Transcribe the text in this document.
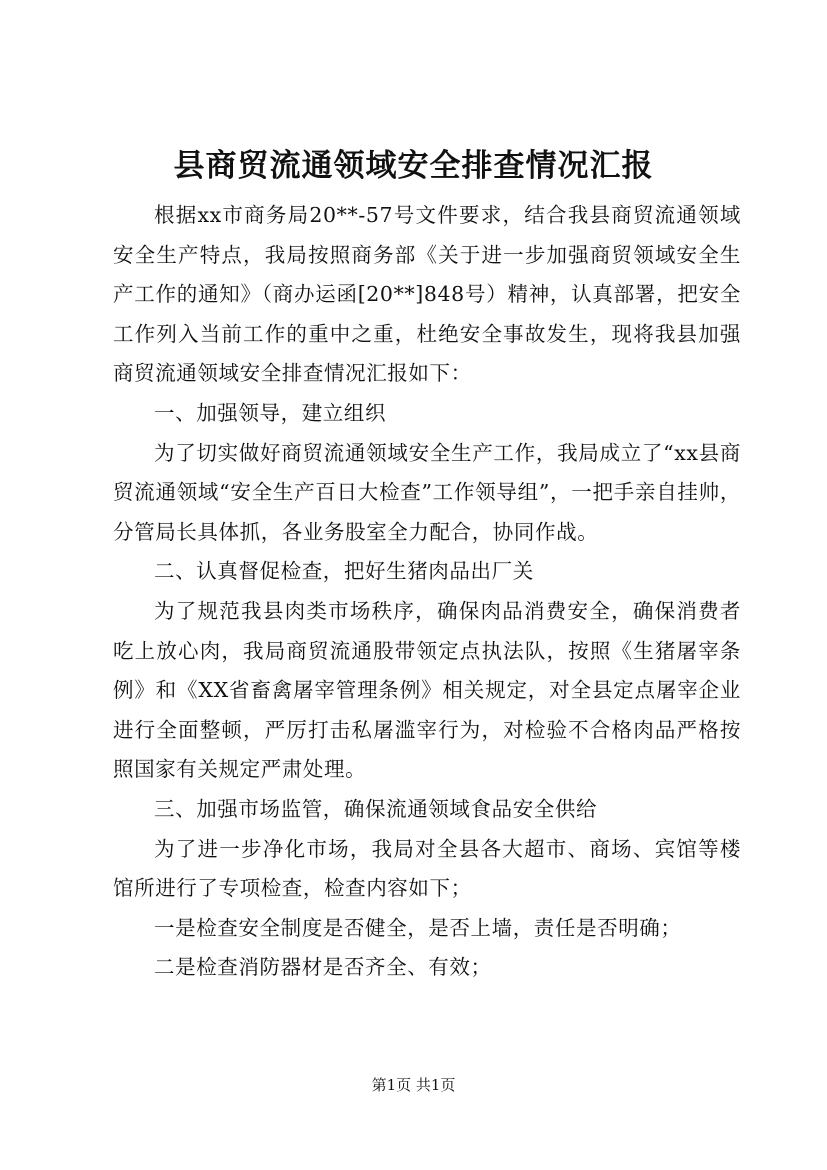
县商贸流通领域安全排查情况汇报

根据xx市商务局20**-57号文件要求，结合我县商贸流通领域安全生产特点，我局按照商务部《关于进一步加强商贸领域安全生产工作的通知》（商办运函[20**]848号）精神，认真部署，把安全工作列入当前工作的重中之重，杜绝安全事故发生，现将我县加强商贸流通领域安全排查情况汇报如下：

一、加强领导，建立组织

为了切实做好商贸流通领域安全生产工作，我局成立了“xx县商贸流通领域“安全生产百日大检查”工作领导组”，一把手亲自挂帅，分管局长具体抓，各业务股室全力配合，协同作战。

二、认真督促检查，把好生猪肉品出厂关

为了规范我县肉类市场秩序，确保肉品消费安全，确保消费者吃上放心肉，我局商贸流通股带领定点执法队，按照《生猪屠宰条例》和《XX省畜禽屠宰管理条例》相关规定，对全县定点屠宰企业进行全面整顿，严厉打击私屠滥宰行为，对检验不合格肉品严格按照国家有关规定严肃处理。

三、加强市场监管，确保流通领域食品安全供给

为了进一步净化市场，我局对全县各大超市、商场、宾馆等楼馆所进行了专项检查，检查内容如下；

一是检查安全制度是否健全，是否上墙，责任是否明确；

二是检查消防器材是否齐全、有效；

第1页 共1页
